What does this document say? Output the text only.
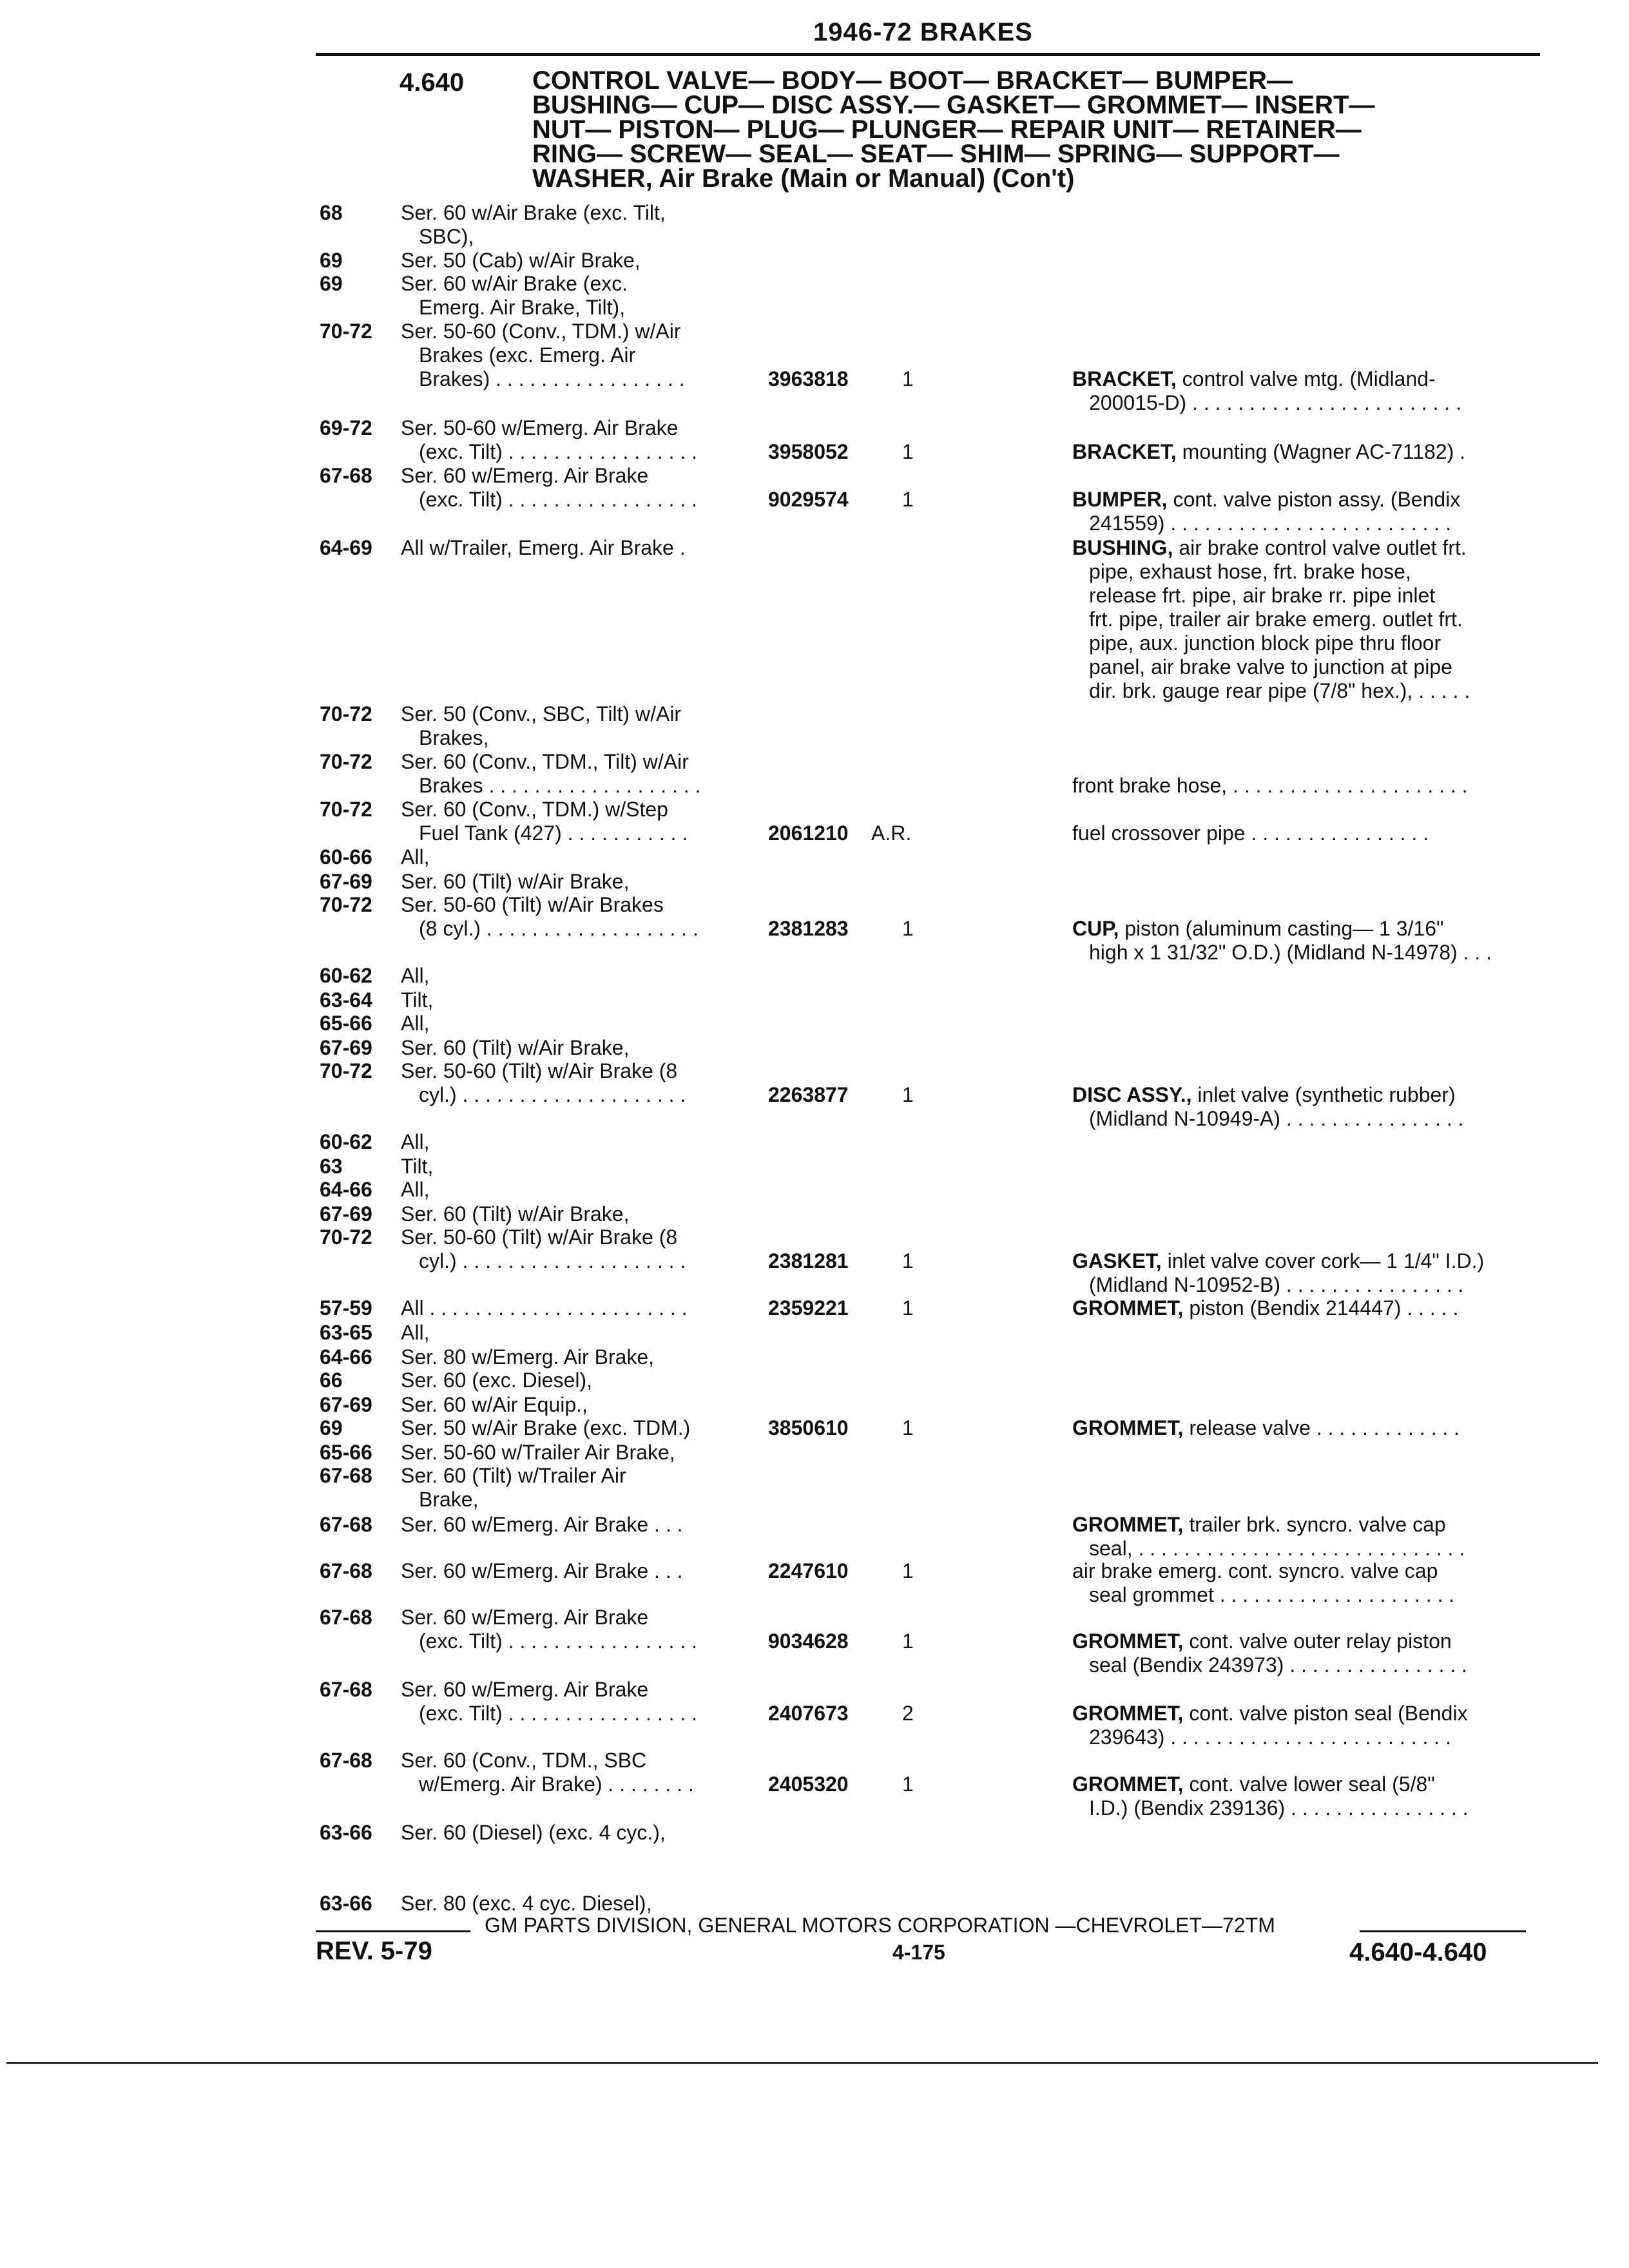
1946-72 BRAKES
4.640	CONTROL VALVE— BODY— BOOT— BRACKET— BUMPER—
BUSHING— CUP— DISC ASSY.— GASKET— GROMMET— INSERT—
NUT— PISTON— PLUG— PLUNGER— REPAIR UNIT— RETAINER—
RING— SCREW— SEAL— SEAT— SHIM— SPRING— SUPPORT—
WASHER, Air Brake (Main or Manual) (Con't)
68	Ser. 60 w/Air Brake (exc. Tilt,
SBC),
69	Ser. 50 (Cab) w/Air Brake,
69	Ser. 60 w/Air Brake (exc.
Emerg. Air Brake, Tilt),
70-72 Ser. 50-60 (Conv., TDM.) w/Air
Brakes (exc. Emerg. Air
Brakes) . . . . . . . . . . . . . . . . .	3963818	1	BRACKET, control valve mtg. (Midland-
200015-D) . . . . . . . . . . . . . . . . . . . . . . . .
69-72 Ser. 50-60 w/Emerg. Air Brake
(exc. Tilt) . . . . . . . . . . . . . . . . .	3958052	1	BRACKET, mounting (Wagner AC-71182) .
67-68 Ser. 60 w/Emerg. Air Brake
(exc. Tilt) . . . . . . . . . . . . . . . . .	9029574	1	BUMPER, cont. valve piston assy. (Bendix
241559) . . . . . . . . . . . . . . . . . . . . . . . . .
64-69 All w/Trailer, Emerg. Air Brake .	BUSHING, air brake control valve outlet frt.
pipe, exhaust hose, frt. brake hose,
release frt. pipe, air brake rr. pipe inlet
frt. pipe, trailer air brake emerg. outlet frt.
pipe, aux. junction block pipe thru floor
panel, air brake valve to junction at pipe
dir. brk. gauge rear pipe (7/8" hex.), . . . . .
70-72 Ser. 50 (Conv., SBC, Tilt) w/Air
Brakes,
70-72 Ser. 60 (Conv., TDM., Tilt) w/Air
Brakes . . . . . . . . . . . . . . . . . . .	front brake hose, . . . . . . . . . . . . . . . . . . . . .
70-72 Ser. 60 (Conv., TDM.) w/Step
Fuel Tank (427) . . . . . . . . . . .	2061210 A.R.	fuel crossover pipe . . . . . . . . . . . . . . . .
60-66 All,
67-69 Ser. 60 (Tilt) w/Air Brake,
70-72 Ser. 50-60 (Tilt) w/Air Brakes
(8 cyl.) . . . . . . . . . . . . . . . . . . .	2381283	1	CUP, piston (aluminum casting— 1 3/16"
high x 1 31/32" O.D.) (Midland N-14978) . . .
60-62 All,
63-64 Tilt,
65-66 All,
67-69 Ser. 60 (Tilt) w/Air Brake,
70-72 Ser. 50-60 (Tilt) w/Air Brake (8
cyl.) . . . . . . . . . . . . . . . . . . . .	2263877	1	DISC ASSY., inlet valve (synthetic rubber)
(Midland N-10949-A) . . . . . . . . . . . . . . . .
60-62 All,
63	Tilt,
64-66 All,
67-69 Ser. 60 (Tilt) w/Air Brake,
70-72 Ser. 50-60 (Tilt) w/Air Brake (8
cyl.) . . . . . . . . . . . . . . . . . . . .	2381281	1	GASKET, inlet valve cover cork— 1 1/4" I.D.)
(Midland N-10952-B) . . . . . . . . . . . . . . . .
57-59 All . . . . . . . . . . . . . . . . . . . . . . .	2359221	1	GROMMET, piston (Bendix 214447) . . . . .
63-65 All,
64-66 Ser. 80 w/Emerg. Air Brake,
66	Ser. 60 (exc. Diesel),
67-69 Ser. 60 w/Air Equip.,
69	Ser. 50 w/Air Brake (exc. TDM.)	3850610	1	GROMMET, release valve . . . . . . . . . . . . .
65-66 Ser. 50-60 w/Trailer Air Brake,
67-68 Ser. 60 (Tilt) w/Trailer Air
Brake,
67-68 Ser. 60 w/Emerg. Air Brake . . .	GROMMET, trailer brk. syncro. valve cap
seal, . . . . . . . . . . . . . . . . . . . . . . . . . . . . .
67-68 Ser. 60 w/Emerg. Air Brake . . .	2247610	1	air brake emerg. cont. syncro. valve cap
seal grommet . . . . . . . . . . . . . . . . . . . . .
67-68 Ser. 60 w/Emerg. Air Brake
(exc. Tilt) . . . . . . . . . . . . . . . . .	9034628	1	GROMMET, cont. valve outer relay piston
seal (Bendix 243973) . . . . . . . . . . . . . . . .
67-68 Ser. 60 w/Emerg. Air Brake
(exc. Tilt) . . . . . . . . . . . . . . . . .	2407673	2	GROMMET, cont. valve piston seal (Bendix
239643) . . . . . . . . . . . . . . . . . . . . . . . . .
67-68 Ser. 60 (Conv., TDM., SBC
w/Emerg. Air Brake) . . . . . . . .	2405320	1	GROMMET, cont. valve lower seal (5/8"
I.D.) (Bendix 239136) . . . . . . . . . . . . . . . .
63-66 Ser. 60 (Diesel) (exc. 4 cyc.),
63-66 Ser. 80 (exc. 4 cyc. Diesel),
GM PARTS DIVISION, GENERAL MOTORS CORPORATION —CHEVROLET—72TM
REV. 5-79	4-175	4.640-4.640
